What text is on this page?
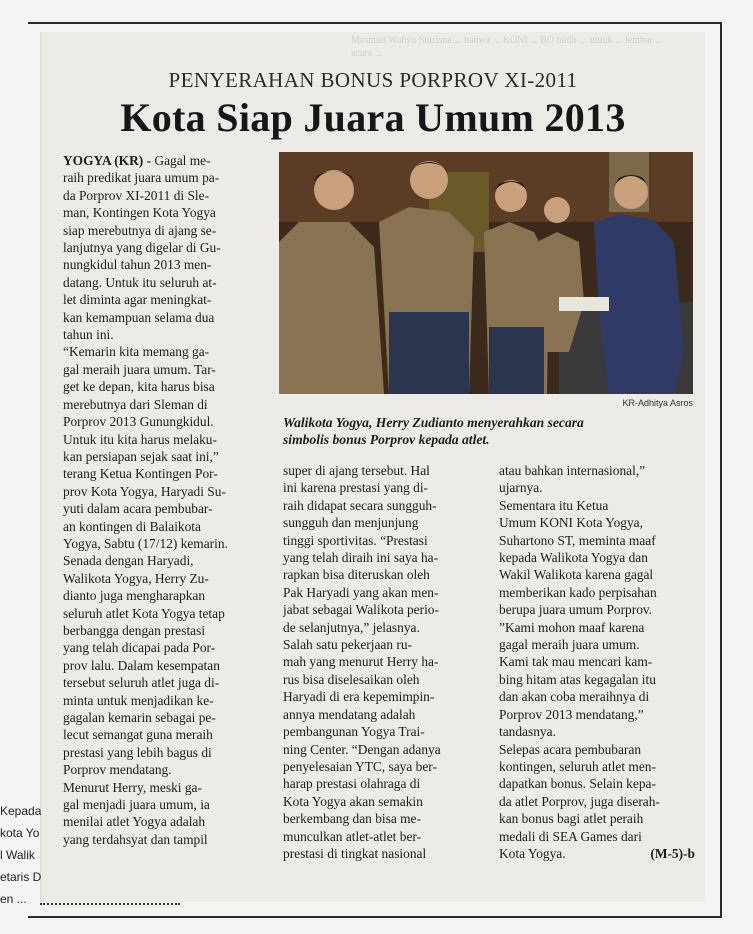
Masmud Wahyu Sutrisna ... bahwa ... KONI ... BO hadir ... untuk ... lembar ... acara ...
PENYERAHAN BONUS PORPROV XI-2011
Kota Siap Juara Umum 2013
YOGYA (KR) - Gagal me-
raih predikat juara umum pa-
da Porprov XI-2011 di Sle-
man, Kontingen Kota Yogya
siap merebutnya di ajang se-
lanjutnya yang digelar di Gu-
nungkidul tahun 2013 men-
datang. Untuk itu seluruh at-
let diminta agar meningkat-
kan kemampuan selama dua
tahun ini.
“Kemarin kita memang ga-
gal meraih juara umum. Tar-
get ke depan, kita harus bisa
merebutnya dari Sleman di
Porprov 2013 Gunungkidul.
Untuk itu kita harus melaku-
kan persiapan sejak saat ini,”
terang Ketua Kontingen Por-
prov Kota Yogya, Haryadi Su-
yuti dalam acara pembubar-
an kontingen di Balaikota
Yogya, Sabtu (17/12) kemarin.
Senada dengan Haryadi,
Walikota Yogya, Herry Zu-
dianto juga mengharapkan
seluruh atlet Kota Yogya tetap
berbangga dengan prestasi
yang telah dicapai pada Por-
prov lalu. Dalam kesempatan
tersebut seluruh atlet juga di-
minta untuk menjadikan ke-
gagalan kemarin sebagai pe-
lecut semangat guna meraih
prestasi yang lebih bagus di
Porprov mendatang.
Menurut Herry, meski ga-
gal menjadi juara umum, ia
menilai atlet Yogya adalah
yang terdahsyat dan tampil
KR-Adhitya Asros
Walikota Yogya, Herry Zudianto menyerahkan secara
simbolis bonus Porprov kepada atlet.
super di ajang tersebut. Hal
ini karena prestasi yang di-
raih didapat secara sungguh-
sungguh dan menjunjung
tinggi sportivitas. “Prestasi
yang telah diraih ini saya ha-
rapkan bisa diteruskan oleh
Pak Haryadi yang akan men-
jabat sebagai Walikota perio-
de selanjutnya,” jelasnya.
Salah satu pekerjaan ru-
mah yang menurut Herry ha-
rus bisa diselesaikan oleh
Haryadi di era kepemimpin-
annya mendatang adalah
pembangunan Yogya Trai-
ning Center. “Dengan adanya
penyelesaian YTC, saya ber-
harap prestasi olahraga di
Kota Yogya akan semakin
berkembang dan bisa me-
munculkan atlet-atlet ber-
prestasi di tingkat nasional
atau bahkan internasional,”
ujarnya.
Sementara itu Ketua
Umum KONI Kota Yogya,
Suhartono ST, meminta maaf
kepada Walikota Yogya dan
Wakil Walikota karena gagal
memberikan kado perpisahan
berupa juara umum Porprov.
”Kami mohon maaf karena
gagal meraih juara umum.
Kami tak mau mencari kam-
bing hitam atas kegagalan itu
dan akan coba meraihnya di
Porprov 2013 mendatang,”
tandasnya.
Selepas acara pembubaran
kontingen, seluruh atlet men-
dapatkan bonus. Selain kepa-
da atlet Porprov, juga diserah-
kan bonus bagi atlet peraih
medali di SEA Games dari
Kota Yogya.	(M-5)-b
Kepada
kota Yo
l Walik
etaris D
en ...
